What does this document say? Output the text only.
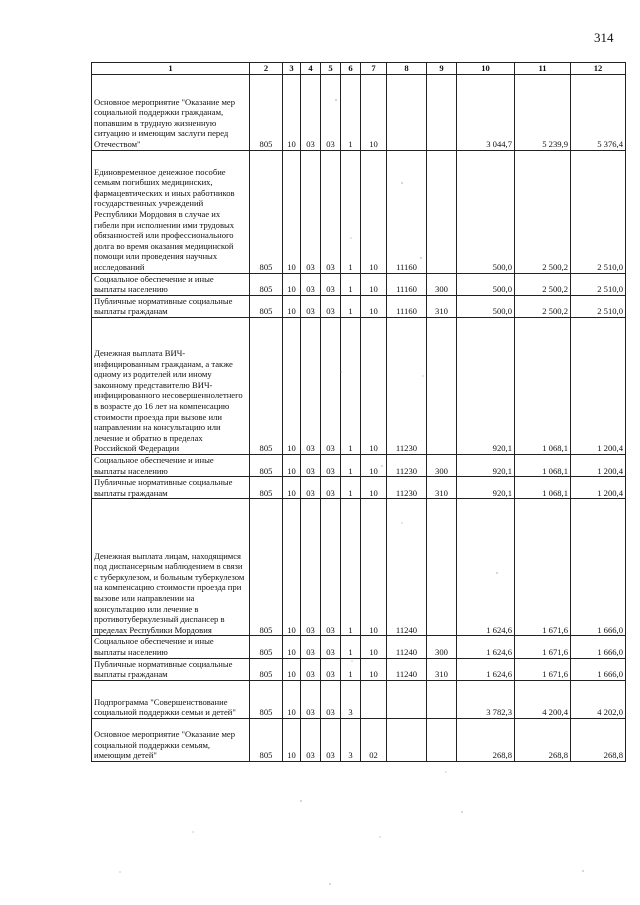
314
1	2	3	4	5	6	7	8	9	10	11	12
Основное мероприятие "Оказание мер социальной поддержки гражданам, попавшим в трудную жизненную ситуацию и имеющим заслуги перед Отечеством"	805	10	03	03	1	10			3 044,7	5 239,9	5 376,4
Единовременное денежное пособие семьям погибших медицинских, фармацевтических и иных работников государственных учреждений Республики Мордовия в случае их гибели при исполнении ими трудовых обязанностей или профессионального долга во время оказания медицинской помощи или проведения научных исследований	805	10	03	03	1	10	11160		500,0	2 500,2	2 510,0
Социальное обеспечение и иные выплаты населению	805	10	03	03	1	10	11160	300	500,0	2 500,2	2 510,0
Публичные нормативные социальные выплаты гражданам	805	10	03	03	1	10	11160	310	500,0	2 500,2	2 510,0
Денежная выплата ВИЧ-инфицированным гражданам, а также одному из родителей или иному законному представителю ВИЧ-инфицированного несовершеннолетнего в возрасте до 16 лет на компенсацию стоимости проезда при вызове или направлении на консультацию или лечение и обратно в пределах Российской Федерации	805	10	03	03	1	10	11230		920,1	1 068,1	1 200,4
Социальное обеспечение и иные выплаты населению	805	10	03	03	1	10	11230	300	920,1	1 068,1	1 200,4
Публичные нормативные социальные выплаты гражданам	805	10	03	03	1	10	11230	310	920,1	1 068,1	1 200,4
Денежная выплата лицам, находящимся под диспансерным наблюдением в связи с туберкулезом, и больным туберкулезом на компенсацию стоимости проезда при вызове или направлении на консультацию или лечение в противотуберкулезный диспансер в пределах Республики Мордовия	805	10	03	03	1	10	11240		1 624,6	1 671,6	1 666,0
Социальное обеспечение и иные выплаты населению	805	10	03	03	1	10	11240	300	1 624,6	1 671,6	1 666,0
Публичные нормативные социальные выплаты гражданам	805	10	03	03	1	10	11240	310	1 624,6	1 671,6	1 666,0
Подпрограмма "Совершенствование социальной поддержки семьи и детей"	805	10	03	03	3				3 782,3	4 200,4	4 202,0
Основное мероприятие "Оказание мер социальной поддержки семьям, имеющим детей"	805	10	03	03	3	02			268,8	268,8	268,8
